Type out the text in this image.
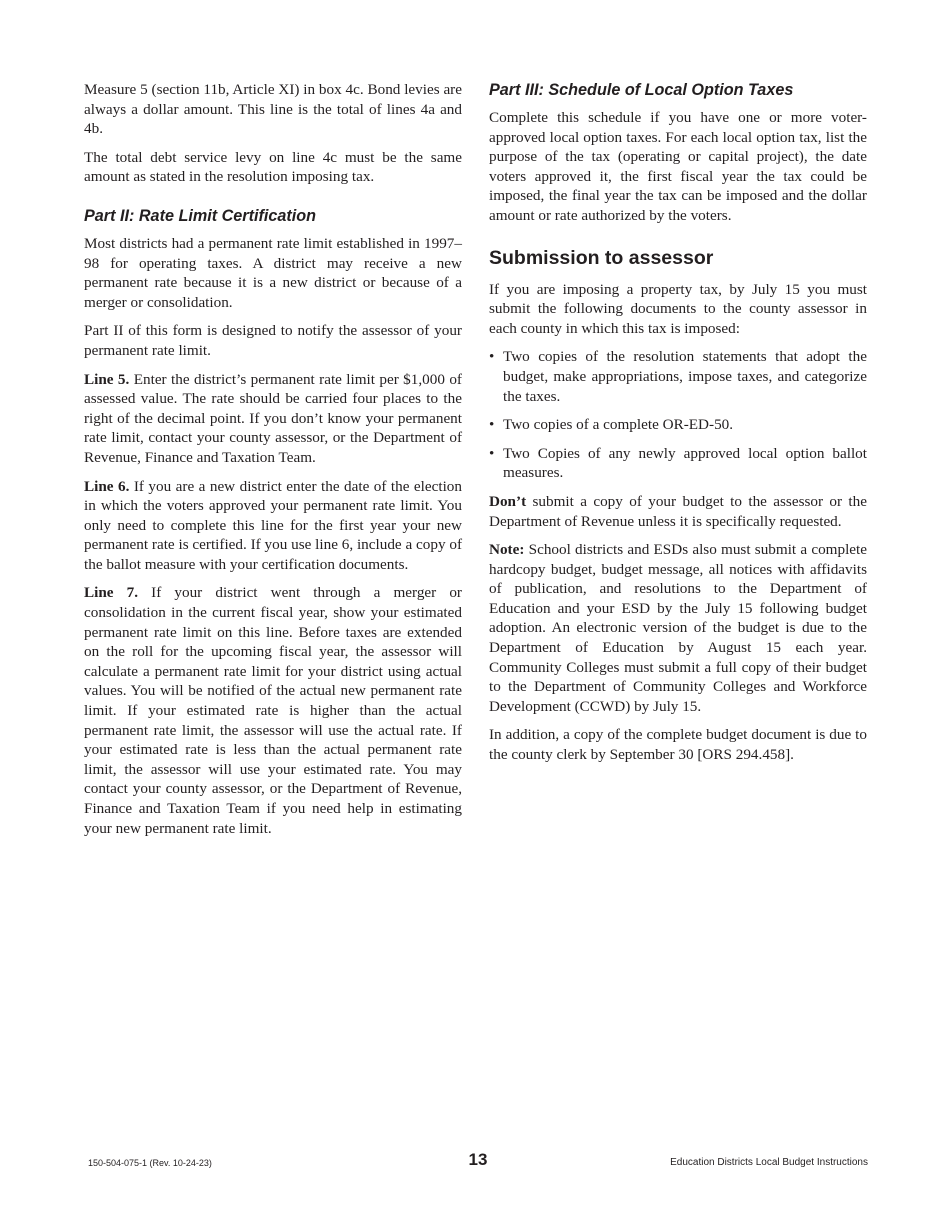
Measure 5 (section 11b, Article XI) in box 4c. Bond levies are always a dollar amount. This line is the total of lines 4a and 4b.

The total debt service levy on line 4c must be the same amount as stated in the resolution imposing tax.

Part II: Rate Limit Certification

Most districts had a permanent rate limit established in 1997–98 for operating taxes. A district may receive a new permanent rate because it is a new district or because of a merger or consolidation.

Part II of this form is designed to notify the assessor of your permanent rate limit.

Line 5. Enter the district’s permanent rate limit per $1,000 of assessed value. The rate should be carried four places to the right of the decimal point. If you don’t know your permanent rate limit, contact your county assessor, or the Department of Revenue, Finance and Taxation Team.

Line 6. If you are a new district enter the date of the election in which the voters approved your permanent rate limit. You only need to complete this line for the first year your new permanent rate is certified. If you use line 6, include a copy of the ballot measure with your certification documents.

Line 7. If your district went through a merger or consolidation in the current fiscal year, show your estimated permanent rate limit on this line. Before taxes are extended on the roll for the upcoming fiscal year, the assessor will calculate a permanent rate limit for your district using actual values. You will be notified of the actual new permanent rate limit. If your estimated rate is higher than the actual permanent rate limit, the assessor will use the actual rate. If your estimated rate is less than the actual permanent rate limit, the assessor will use your estimated rate. You may contact your county assessor, or the Department of Revenue, Finance and Taxation Team if you need help in estimating your new permanent rate limit.

Part III: Schedule of Local Option Taxes

Complete this schedule if you have one or more voter-approved local option taxes. For each local option tax, list the purpose of the tax (operating or capital project), the date voters approved it, the first fiscal year the tax could be imposed, the final year the tax can be imposed and the dollar amount or rate authorized by the voters.

Submission to assessor

If you are imposing a property tax, by July 15 you must submit the following documents to the county assessor in each county in which this tax is imposed:

• Two copies of the resolution statements that adopt the budget, make appropriations, impose taxes, and categorize the taxes.
• Two copies of a complete OR-ED-50.
• Two Copies of any newly approved local option ballot measures.

Don’t submit a copy of your budget to the assessor or the Department of Revenue unless it is specifically requested.

Note: School districts and ESDs also must submit a complete hardcopy budget, budget message, all notices with affidavits of publication, and resolutions to the Department of Education and your ESD by the July 15 following budget adoption. An electronic version of the budget is due to the Department of Education by August 15 each year. Community Colleges must submit a full copy of their budget to the Department of Community Colleges and Workforce Development (CCWD) by July 15.

In addition, a copy of the complete budget document is due to the county clerk by September 30 [ORS 294.458].

150-504-075-1 (Rev. 10-24-23)	13	Education Districts Local Budget Instructions
